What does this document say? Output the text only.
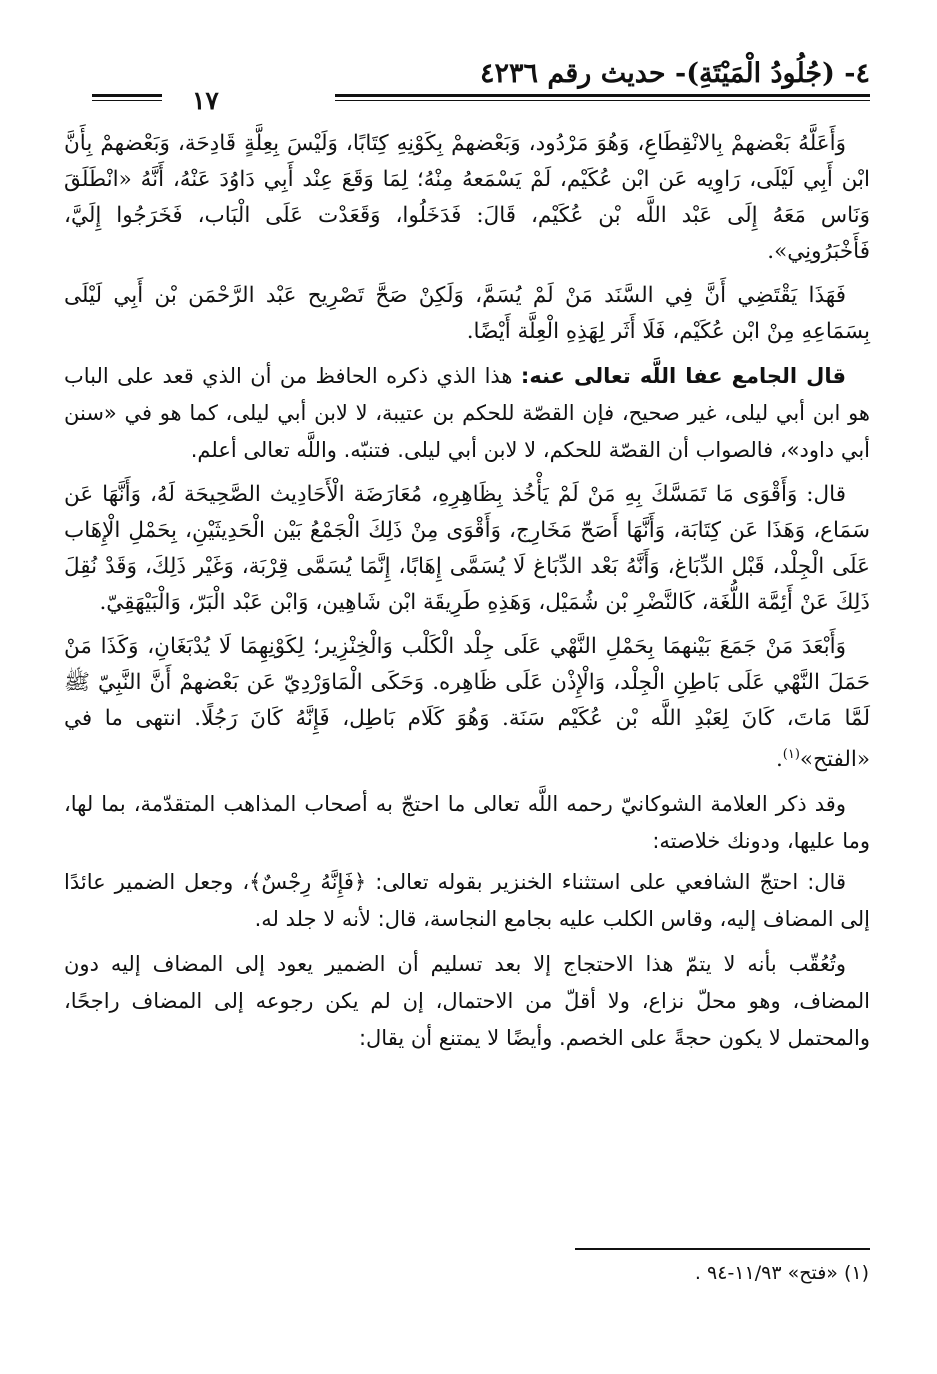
٤- (جُلُودُ الْمَيْتَةِ)- حديث رقم ٤٢٣٦
١٧

وَأَعَلَّهُ بَعْضهمْ بِالانْقِطَاعِ، وَهُوَ مَرْدُود، وَبَعْضهمْ بِكَوْنِهِ كِتَابًا، وَلَيْسَ بِعِلَّةٍ قَادِحَة، وَبَعْضهمْ بِأَنَّ ابْن أَبِي لَيْلَى، رَاوِيه عَن ابْن عُكَيْم، لَمْ يَسْمَعهُ مِنْهُ؛ لِمَا وَقَعَ عِنْد أَبِي دَاوُدَ عَنْهُ، أَنَّهُ «انْطَلَقَ وَنَاس مَعَهُ إِلَى عَبْد اللَّه بْن عُكَيْم، قَالَ: فَدَخَلُوا، وَقَعَدْت عَلَى الْبَاب، فَخَرَجُوا إِلَيَّ، فَأَخْبَرُونِي».

فَهَذَا يَقْتَضِي أَنَّ فِي السَّنَد مَنْ لَمْ يُسَمَّ، وَلَكِنْ صَحَّ تَصْرِيح عَبْد الرَّحْمَن بْن أَبِي لَيْلَى بِسَمَاعِهِ مِنْ ابْن عُكَيْم، فَلَا أَثَر لِهَذِهِ الْعِلَّة أَيْضًا.

قال الجامع عفا اللَّه تعالى عنه: هذا الذي ذكره الحافظ من أن الذي قعد على الباب هو ابن أبي ليلى، غير صحيح، فإن القصّة للحكم بن عتيبة، لا لابن أبي ليلى، كما هو في «سنن أبي داود»، فالصواب أن القصّة للحكم، لا لابن أبي ليلى. فتنبّه. واللَّه تعالى أعلم.

قال: وَأَقْوَى مَا تَمَسَّكَ بِهِ مَنْ لَمْ يَأْخُذ بِظَاهِرِهِ، مُعَارَضَة الْأَحَادِيث الصَّحِيحَة لَهُ، وَأَنَّهَا عَن سَمَاع، وَهَذَا عَن كِتَابَة، وَأَنَّهَا أَصَحّ مَخَارِج، وَأَقْوَى مِنْ ذَلِكَ الْجَمْعُ بَيْن الْحَدِيثَيْنِ، بِحَمْلِ الْإِهَاب عَلَى الْجِلْد، قَبْل الدِّبَاغ، وَأَنَّهُ بَعْد الدِّبَاغ لَا يُسَمَّى إِهَابًا، إِنَّمَا يُسَمَّى قِرْبَة، وَغَيْر ذَلِكَ، وَقَدْ نُقِلَ ذَلِكَ عَنْ أَئِمَّة اللُّغَة، كَالنَّضْرِ بْن شُمَيْل، وَهَذِهِ طَرِيقَة ابْن شَاهِين، وَابْن عَبْد الْبَرّ، وَالْبَيْهَقِيّ.

وَأَبْعَدَ مَنْ جَمَعَ بَيْنهمَا بِحَمْلِ النَّهْي عَلَى جِلْد الْكَلْب وَالْخِنْزِير؛ لِكَوْنِهِمَا لَا يُدْبَغَانِ، وَكَذَا مَنْ حَمَلَ النَّهْي عَلَى بَاطِنِ الْجِلْد، وَالْإِذْن عَلَى ظَاهِره. وَحَكَى الْمَاوَرْدِيّ عَن بَعْضهمْ أَنَّ النَّبِيّ ﷺ لَمَّا مَاتَ، كَانَ لِعَبْدِ اللَّه بْن عُكَيْم سَنَة. وَهُوَ كَلَام بَاطِل، فَإِنَّهُ كَانَ رَجُلًا. انتهى ما في «الفتح»$^{(١)}$.

وقد ذكر العلامة الشوكانيّ رحمه اللَّه تعالى ما احتجّ به أصحاب المذاهب المتقدّمة، بما لها، وما عليها، ودونك خلاصته:

قال: احتجّ الشافعي على استثناء الخنزير بقوله تعالى: ﴿فَإِنَّهُ رِجْسٌ﴾، وجعل الضمير عائدًا إلى المضاف إليه، وقاس الكلب عليه بجامع النجاسة، قال: لأنه لا جلد له.

وتُعُقّب بأنه لا يتمّ هذا الاحتجاج إلا بعد تسليم أن الضمير يعود إلى المضاف إليه دون المضاف، وهو محلّ نزاع، ولا أقلّ من الاحتمال، إن لم يكن رجوعه إلى المضاف راجحًا، والمحتمل لا يكون حجةً على الخصم. وأيضًا لا يمتنع أن يقال:

(١) «فتح» ١١/٩٣-٩٤ .
